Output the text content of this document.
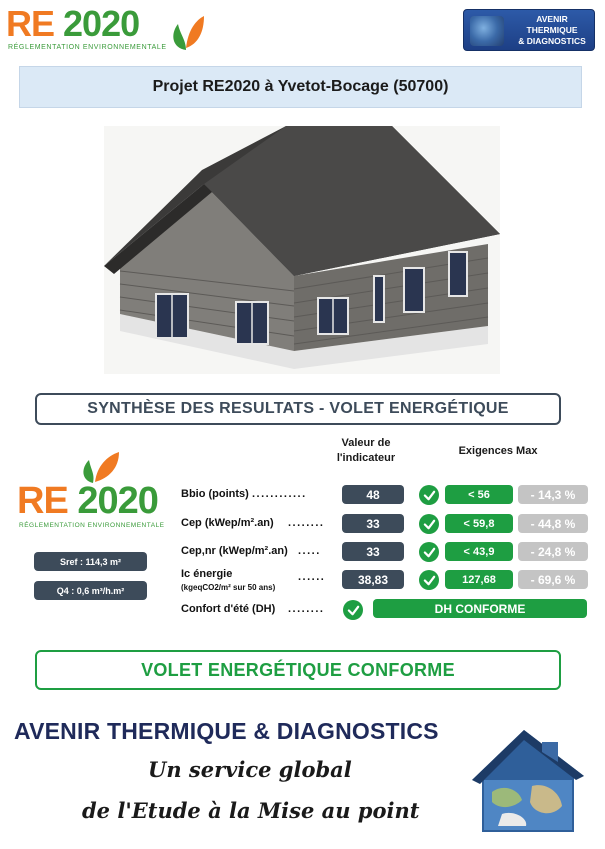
RE 2020
RÉGLEMENTATION ENVIRONNEMENTALE
AVENIR
THERMIQUE
& DIAGNOSTICS
Projet RE2020 à Yvetot-Bocage (50700)
SYNTHÈSE DES RESULTATS - VOLET ENERGÉTIQUE
Valeur de
l'indicateur
Exigences Max
RE 2020
RÉGLEMENTATION ENVIRONNEMENTALE
Sref : 114,3 m²
Q4 : 0,6 m³/h.m²
Bbio (points) ............	48	< 56	- 14,3 %
Cep (kWep/m².an) ........	33	< 59,8	- 44,8 %
Cep,nr (kWep/m².an) .....	33	< 43,9	- 24,8 %
Ic énergie
(kgeqCO2/m² sur 50 ans)
......	38,83	127,68	- 69,6 %
Confort d'été (DH) ........	DH CONFORME
VOLET ENERGÉTIQUE CONFORME
AVENIR THERMIQUE & DIAGNOSTICS
Un service global
de l'Etude à la Mise au point
